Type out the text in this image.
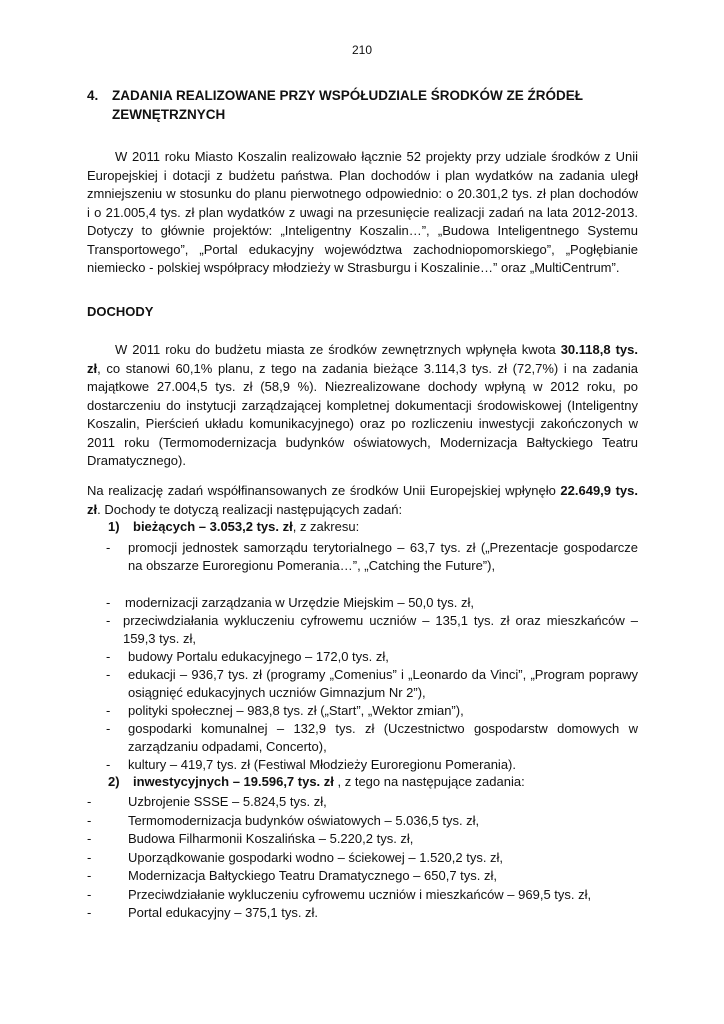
210
4. ZADANIA REALIZOWANE PRZY WSPÓŁUDZIALE ŚRODKÓW ZE ŹRÓDEŁ
ZEWNĘTRZNYCH
W 2011 roku Miasto Koszalin realizowało łącznie 52 projekty przy udziale środków z Unii Europejskiej i dotacji z budżetu państwa. Plan dochodów i plan wydatków na zadania uległ zmniejszeniu w stosunku do planu pierwotnego odpowiednio: o 20.301,2 tys. zł plan dochodów i o 21.005,4 tys. zł plan wydatków z uwagi na przesunięcie realizacji zadań na lata 2012-2013. Dotyczy to głównie projektów: „Inteligentny Koszalin…”, „Budowa Inteligentnego Systemu Transportowego”, „Portal edukacyjny województwa zachodniopomorskiego”, „Pogłębianie niemiecko - polskiej współpracy młodzieży w Strasburgu i Koszalinie…” oraz „MultiCentrum”.
DOCHODY
W 2011 roku do budżetu miasta ze środków zewnętrznych wpłynęła kwota 30.118,8 tys. zł, co stanowi 60,1% planu, z tego na zadania bieżące 3.114,3 tys. zł (72,7%) i na zadania majątkowe 27.004,5 tys. zł (58,9 %). Niezrealizowane dochody wpłyną w 2012 roku, po dostarczeniu do instytucji zarządzającej kompletnej dokumentacji środowiskowej (Inteligentny Koszalin, Pierścień układu komunikacyjnego) oraz po rozliczeniu inwestycji zakończonych w 2011 roku (Termomodernizacja budynków oświatowych, Modernizacja Bałtyckiego Teatru Dramatycznego).
Na realizację zadań współfinansowanych ze środków Unii Europejskiej wpłynęło 22.649,9 tys. zł. Dochody te dotyczą realizacji następujących zadań:
1) bieżących – 3.053,2 tys. zł, z zakresu:
-	promocji jednostek samorządu terytorialnego – 63,7 tys. zł („Prezentacje gospodarcze na obszarze Euroregionu Pomerania…”, „Catching the Future”),
-	modernizacji zarządzania w Urzędzie Miejskim – 50,0 tys. zł,
- przeciwdziałania wykluczeniu cyfrowemu uczniów – 135,1 tys. zł oraz mieszkańców – 159,3 tys. zł,
-	budowy Portalu edukacyjnego – 172,0 tys. zł,
-	edukacji – 936,7 tys. zł (programy „Comenius” i „Leonardo da Vinci”, „Program poprawy osiągnięć edukacyjnych uczniów Gimnazjum Nr 2”),
-	polityki społecznej – 983,8 tys. zł („Start”, „Wektor zmian”),
-	gospodarki komunalnej – 132,9 tys. zł (Uczestnictwo gospodarstw domowych w zarządzaniu odpadami, Concerto),
-	kultury – 419,7 tys. zł (Festiwal Młodzieży Euroregionu Pomerania).
2) inwestycyjnych – 19.596,7 tys. zł , z tego na następujące zadania:
-	Uzbrojenie SSSE – 5.824,5 tys. zł,
-	Termomodernizacja budynków oświatowych – 5.036,5 tys. zł,
-	Budowa Filharmonii Koszalińska – 5.220,2 tys. zł,
-	Uporządkowanie gospodarki wodno – ściekowej – 1.520,2 tys. zł,
-	Modernizacja Bałtyckiego Teatru Dramatycznego – 650,7 tys. zł,
-	Przeciwdziałanie wykluczeniu cyfrowemu uczniów i mieszkańców – 969,5 tys. zł,
-	Portal edukacyjny – 375,1 tys. zł.
